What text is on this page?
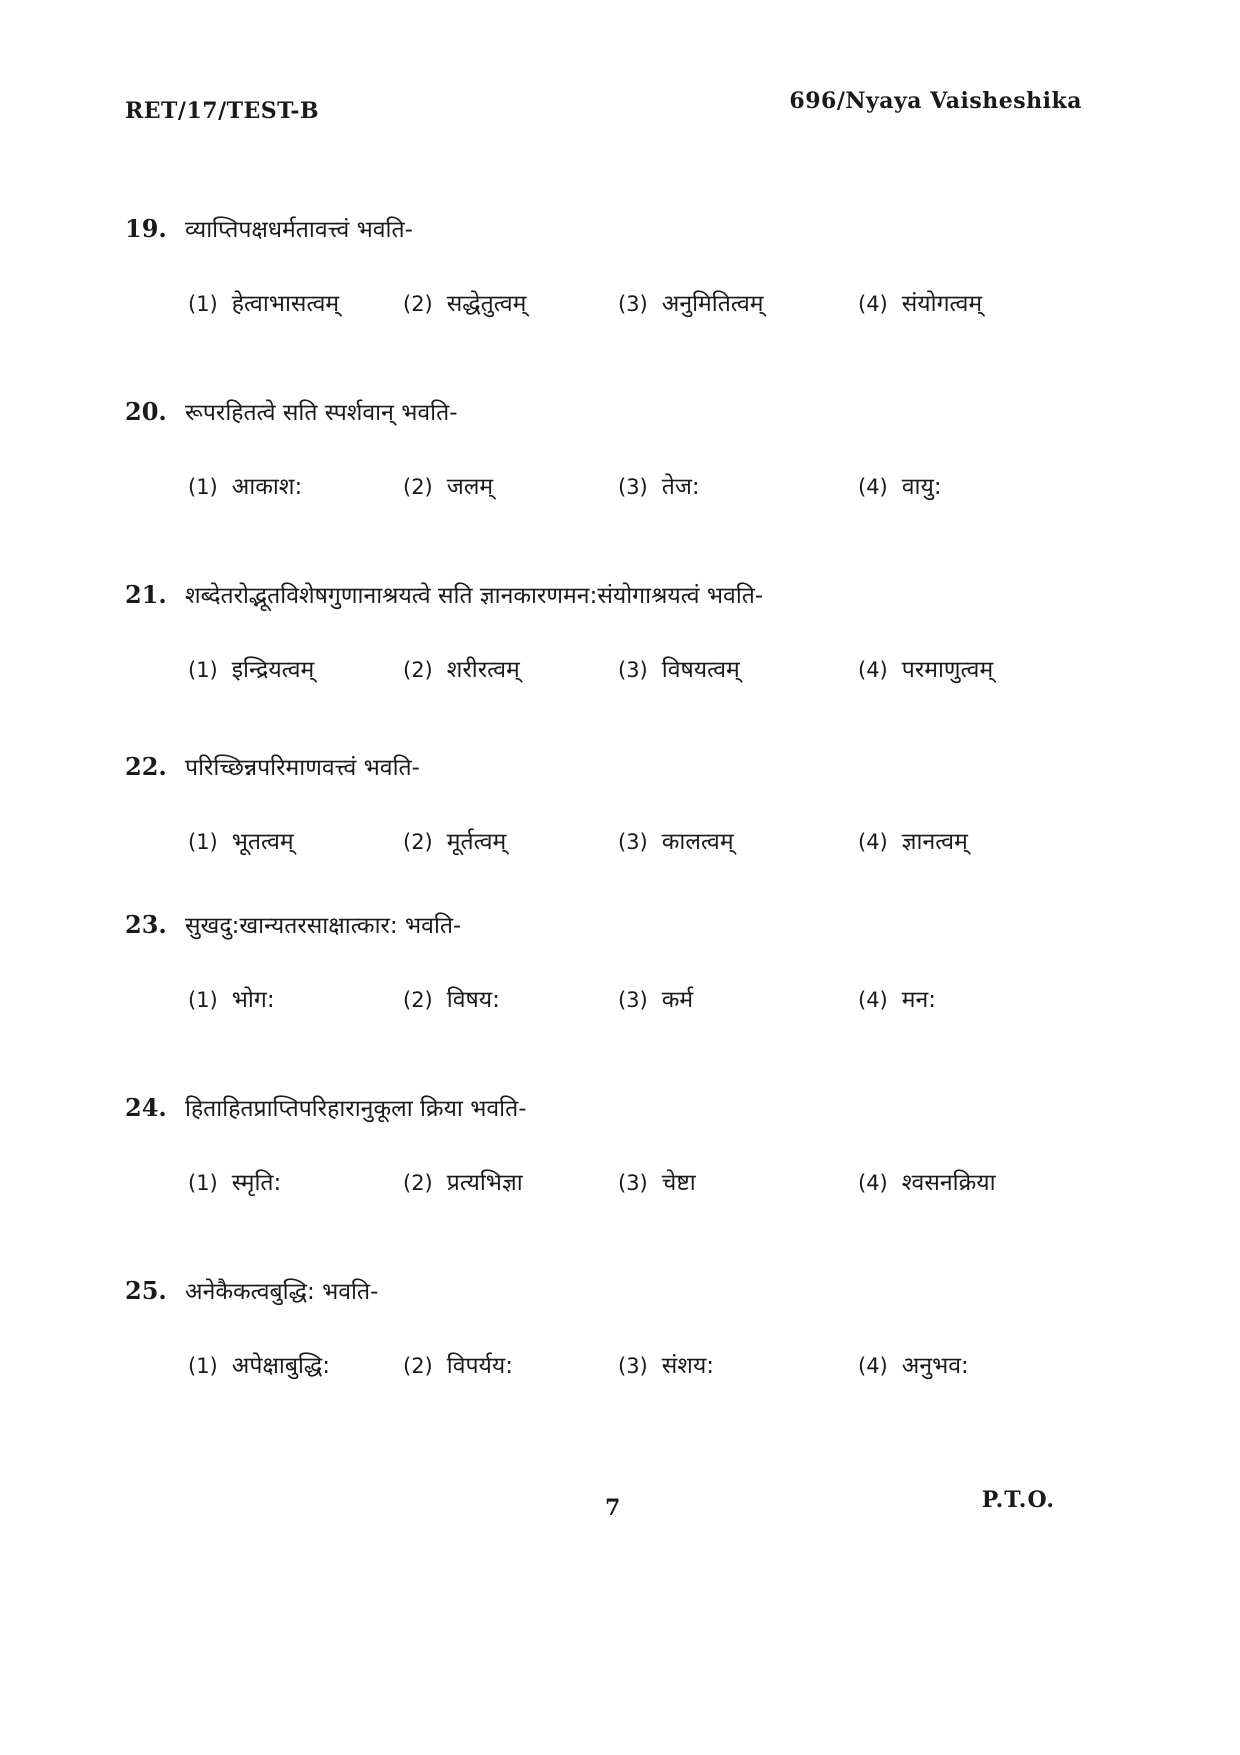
RET/17/TEST-B	696/Nyaya Vaisheshika
19. व्याप्तिपक्षधर्मतावत्त्वं भवति-
(1) हेत्वाभासत्वम्	(2) सद्धेतुत्वम्	(3) अनुमितित्वम्	(4) संयोगत्वम्
20. रूपरहितत्वे सति स्पर्शवान् भवति-
(1) आकाश:	(2) जलम्	(3) तेज:	(4) वायु:
21. शब्देतरोद्भूतविशेषगुणानाश्रयत्वे सति ज्ञानकारणमन:संयोगाश्रयत्वं भवति-
(1) इन्द्रियत्वम्	(2) शरीरत्वम्	(3) विषयत्वम्	(4) परमाणुत्वम्
22. परिच्छिन्नपरिमाणवत्त्वं भवति-
(1) भूतत्वम्	(2) मूर्तत्वम्	(3) कालत्वम्	(4) ज्ञानत्वम्
23. सुखदु:खान्यतरसाक्षात्कार: भवति-
(1) भोग:	(2) विषय:	(3) कर्म	(4) मन:
24. हिताहितप्राप्तिपरिहारानुकूला क्रिया भवति-
(1) स्मृति:	(2) प्रत्यभिज्ञा	(3) चेष्टा	(4) श्वसनक्रिया
25. अनेकैकत्वबुद्धि: भवति-
(1) अपेक्षाबुद्धि:	(2) विपर्यय:	(3) संशय:	(4) अनुभव:
7	P.T.O.
